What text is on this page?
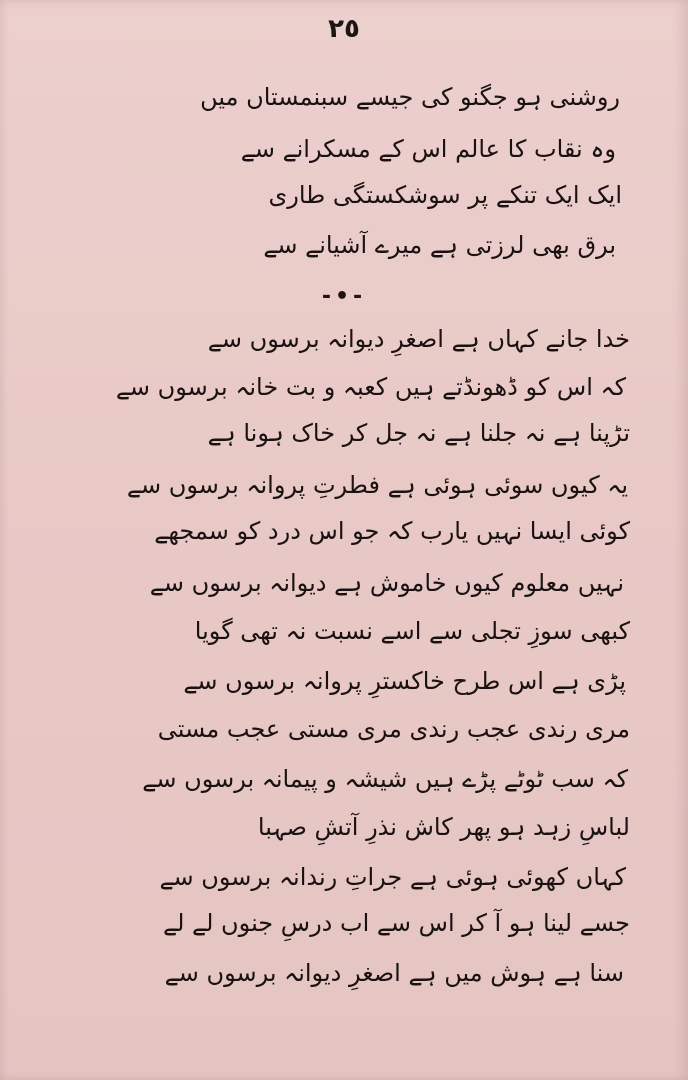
٢٥
روشنی ہو جگنو کی جیسے سبنمستاں میں
وہ نقاب کا عالم اس کے مسکرانے سے
ایک ایک تنکے پر سوشکستگی طاری
برق بھی لرزتی ہے میرے آشیانے سے
-•-
خدا جانے کہاں ہے اصغرِ دیوانہ برسوں سے
کہ اس کو ڈھونڈتے ہیں کعبہ و بت خانہ برسوں سے
تڑپنا ہے نہ جلنا ہے نہ جل کر خاک ہونا ہے
یہ کیوں سوئی ہوئی ہے فطرتِ پروانہ برسوں سے
کوئی ایسا نہیں یارب کہ جو اس درد کو سمجھے
نہیں معلوم کیوں خاموش ہے دیوانہ برسوں سے
کبھی سوزِ تجلی سے اسے نسبت نہ تھی گویا
پڑی ہے اس طرح خاکسترِ پروانہ برسوں سے
مری رندی عجب رندی مری مستی عجب مستی
کہ سب ٹوٹے پڑے ہیں شیشہ و پیمانہ برسوں سے
لباسِ زہد ہو پھر کاش نذرِ آتشِ صہبا
کہاں کھوئی ہوئی ہے جراتِ رندانہ برسوں سے
جسے لینا ہو آ کر اس سے اب درسِ جنوں لے لے
سنا ہے ہوش میں ہے اصغرِ دیوانہ برسوں سے
